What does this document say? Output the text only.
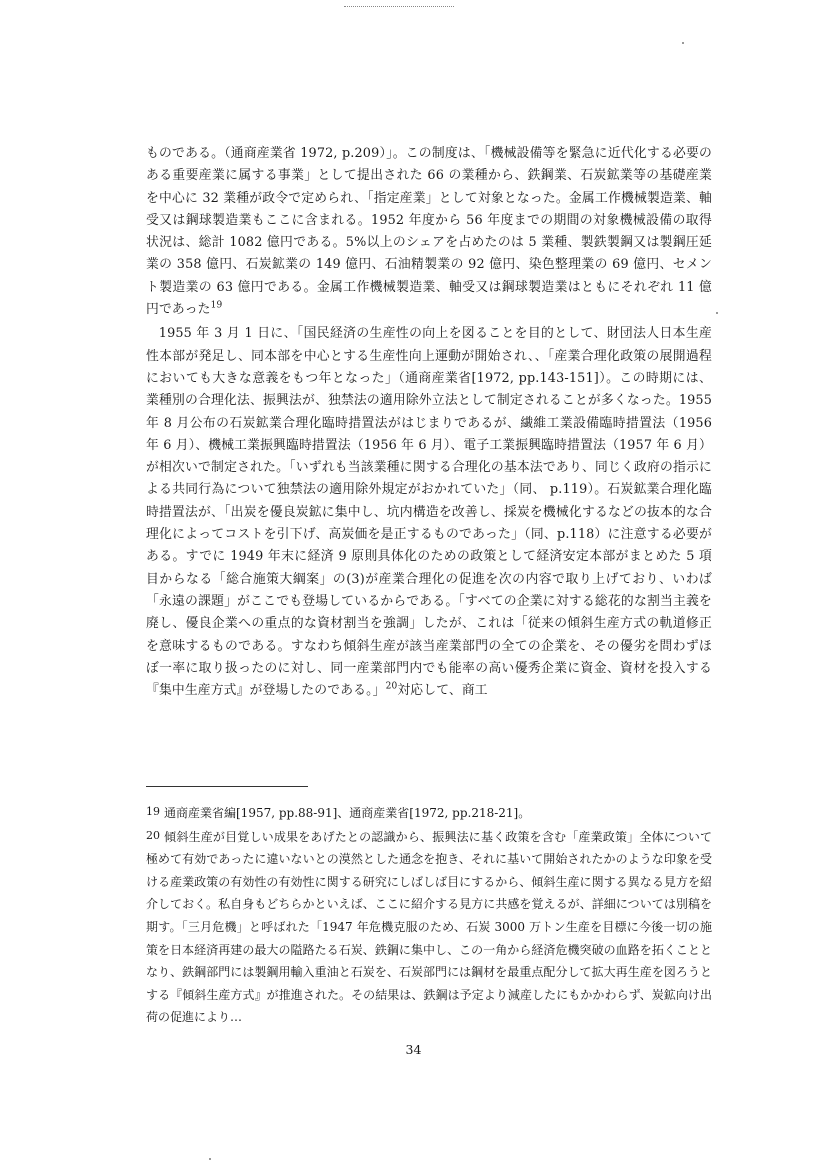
ものである。（通商産業省 1972, p.209）」。この制度は、「機械設備等を緊急に近代化する必要のある重要産業に属する事業」として提出された 66 の業種から、鉄鋼業、石炭鉱業等の基礎産業を中心に 32 業種が政令で定められ、「指定産業」として対象となった。金属工作機械製造業、軸受又は鋼球製造業もここに含まれる。1952 年度から 56 年度までの期間の対象機械設備の取得状況は、総計 1082 億円である。5%以上のシェアを占めたのは 5 業種、製鉄製鋼又は製鋼圧延業の 358 億円、石炭鉱業の 149 億円、石油精製業の 92 億円、染色整理業の 69 億円、セメント製造業の 63 億円である。金属工作機械製造業、軸受又は鋼球製造業はともにそれぞれ 11 億円であった$^{19}$

1955 年 3 月 1 日に、「国民経済の生産性の向上を図ることを目的として、財団法人日本生産性本部が発足し、同本部を中心とする生産性向上運動が開始され、、「産業合理化政策の展開過程においても大きな意義をもつ年となった」（通商産業省[1972, pp.143-151]）。この時期には、業種別の合理化法、振興法が、独禁法の適用除外立法として制定されることが多くなった。1955 年 8 月公布の石炭鉱業合理化臨時措置法がはじまりであるが、繊維工業設備臨時措置法（1956 年 6 月）、機械工業振興臨時措置法（1956 年 6 月）、電子工業振興臨時措置法（1957 年 6 月）が相次いで制定された。「いずれも当該業種に関する合理化の基本法であり、同じく政府の指示による共同行為について独禁法の適用除外規定がおかれていた」（同、 p.119）。石炭鉱業合理化臨時措置法が、「出炭を優良炭鉱に集中し、坑内構造を改善し、採炭を機械化するなどの抜本的な合理化によってコストを引下げ、高炭価を是正するものであった」（同、p.118）に注意する必要がある。すでに 1949 年末に経済 9 原則具体化のための政策として経済安定本部がまとめた 5 項目からなる「総合施策大綱案」の(3)が産業合理化の促進を次の内容で取り上げており、いわば「永遠の課題」がここでも登場しているからである。「すべての企業に対する総花的な割当主義を廃し、優良企業への重点的な資材割当を強調」したが、これは「従来の傾斜生産方式の軌道修正を意味するものである。すなわち傾斜生産が該当産業部門の全ての企業を、その優劣を問わずほぼ一率に取り扱ったのに対し、同一産業部門内でも能率の高い優秀企業に資金、資材を投入する『集中生産方式』が登場したのである。」$^{20}$対応して、商工

19 通商産業省編[1957, pp.88-91]、通商産業省[1972, pp.218-21]。

20 傾斜生産が目覚しい成果をあげたとの認識から、振興法に基く政策を含む「産業政策」全体について極めて有効であったに違いないとの漠然とした通念を抱き、それに基いて開始されたかのような印象を受ける産業政策の有効性の有効性に関する研究にしばしば目にするから、傾斜生産に関する異なる見方を紹介しておく。私自身もどちらかといえば、ここに紹介する見方に共感を覚えるが、詳細については別稿を期す。「三月危機」と呼ばれた「1947 年危機克服のため、石炭 3000 万トン生産を目標に今後一切の施策を日本経済再建の最大の隘路たる石炭、鉄鋼に集中し、この一角から経済危機突破の血路を拓くこととなり、鉄鋼部門には製鋼用輸入重油と石炭を、石炭部門には鋼材を最重点配分して拡大再生産を図ろうとする『傾斜生産方式』が推進された。その結果は、鉄鋼は予定より減産したにもかかわらず、炭鉱向け出荷の促進により…

34
